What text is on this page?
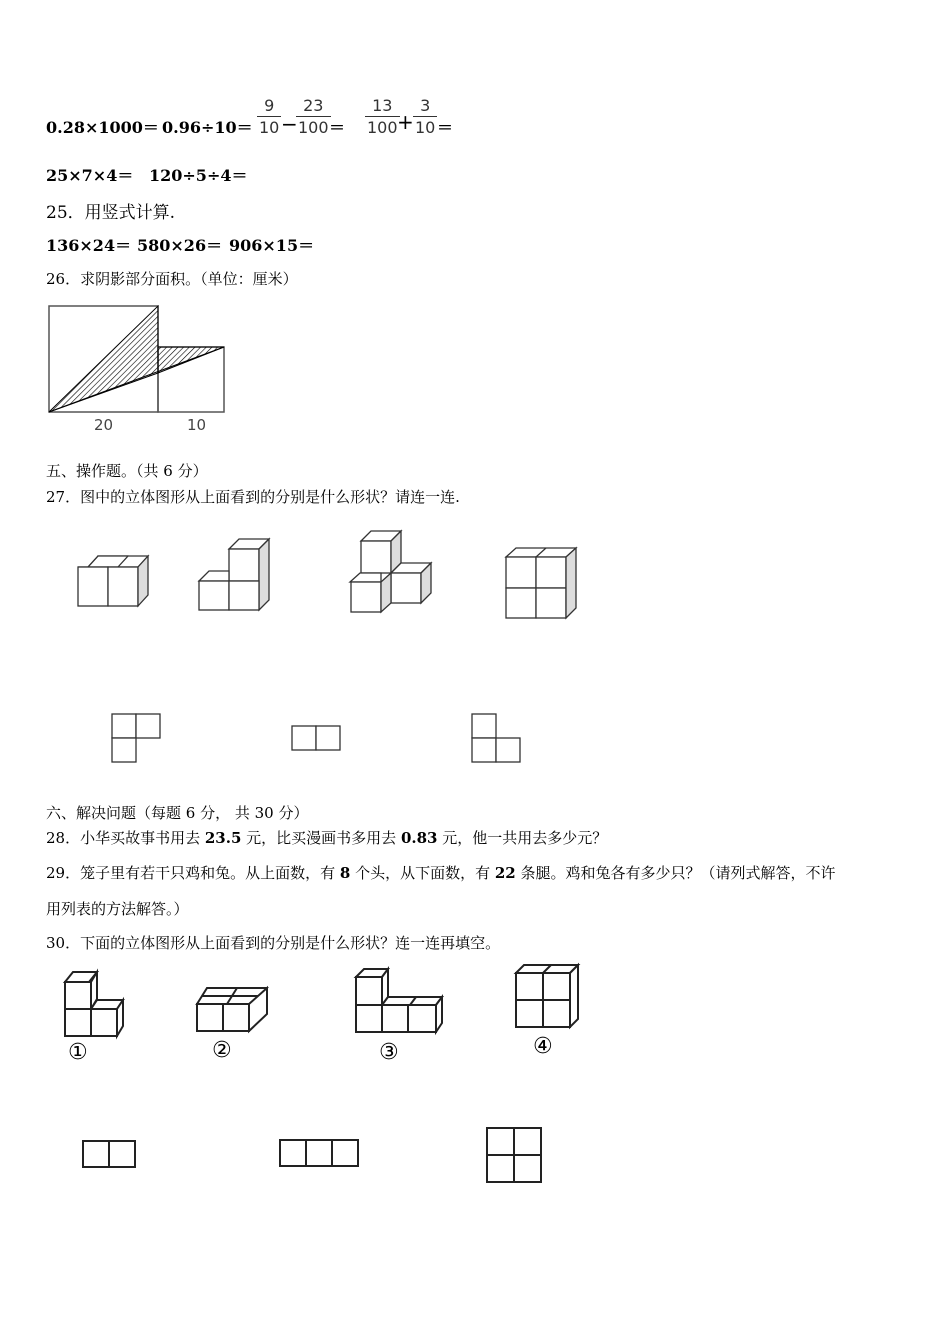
0.28×1000＝ 0.96÷10＝
9
10 −
23
100 ＝
13
100 +
3
10 ＝
25×7×4＝ 120÷5÷4＝
25．用竖式计算.
136×24＝ 580×26＝ 906×15＝
26．求阴影部分面积。（单位：厘米）
20	10
五、操作题。（共 6 分）
27．图中的立体图形从上面看到的分别是什么形状？请连一连.
六、解决问题（每题 6 分， 共 30 分）
28．小华买故事书用去 23.5 元，比买漫画书多用去 0.83 元，他一共用去多少元？
29．笼子里有若干只鸡和兔。从上面数，有 8 个头，从下面数，有 22 条腿。鸡和兔各有多少只？（请列式解答，不许
用列表的方法解答。）
30．下面的立体图形从上面看到的分别是什么形状？连一连再填空。
①	②	③	④
